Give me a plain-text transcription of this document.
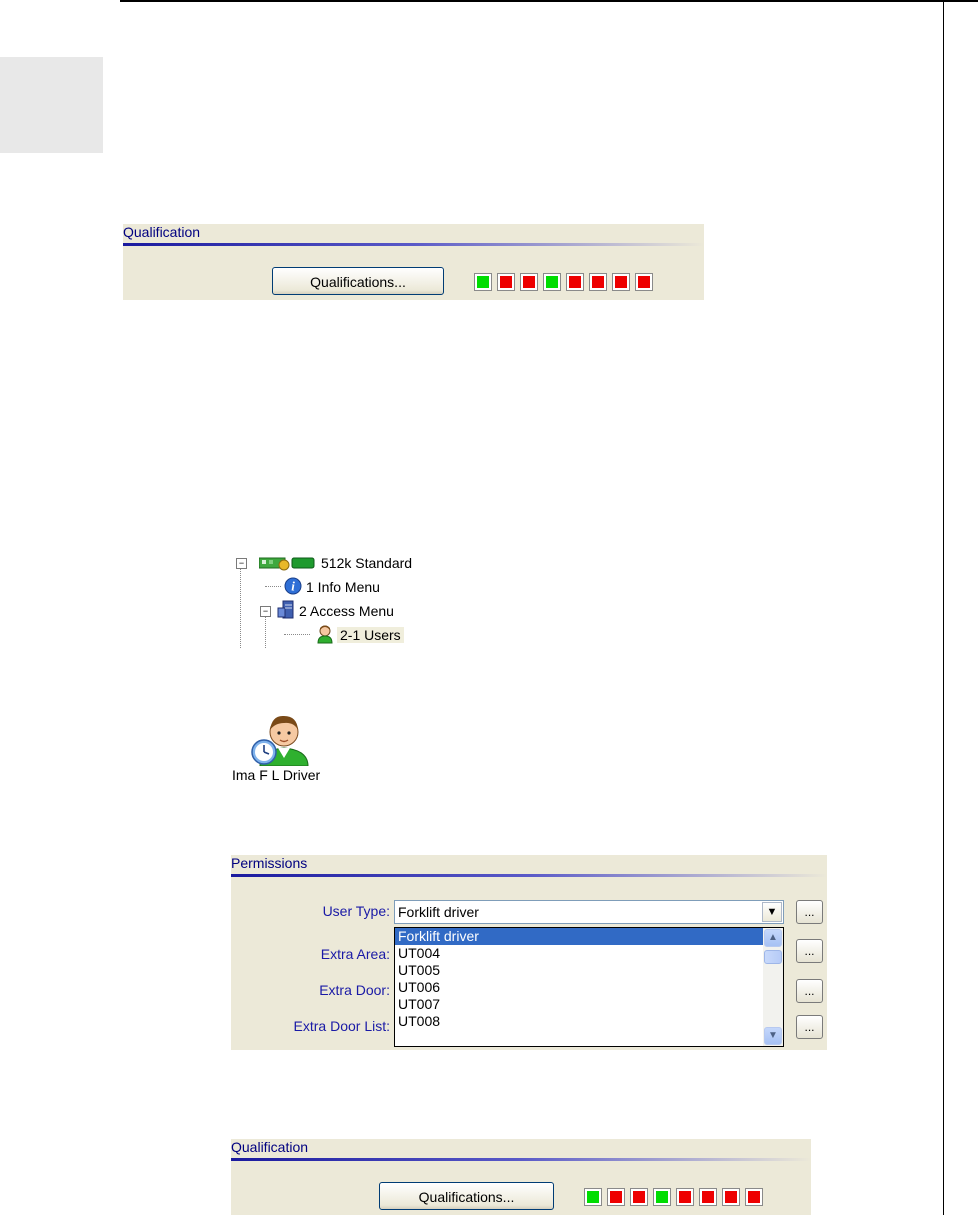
Qualification
Qualifications...
−	512k Standard
i 1 Info Menu
− 2 Access Menu
2-1 Users
Ima F L Driver
Permissions
User Type:
Extra Area:
Extra Door:
Extra Door List:
Forklift driver	▼
Forklift driver
UT004
UT005
UT006
UT007
UT008
▲
▼
...
...
...
...
Qualification
Qualifications...
